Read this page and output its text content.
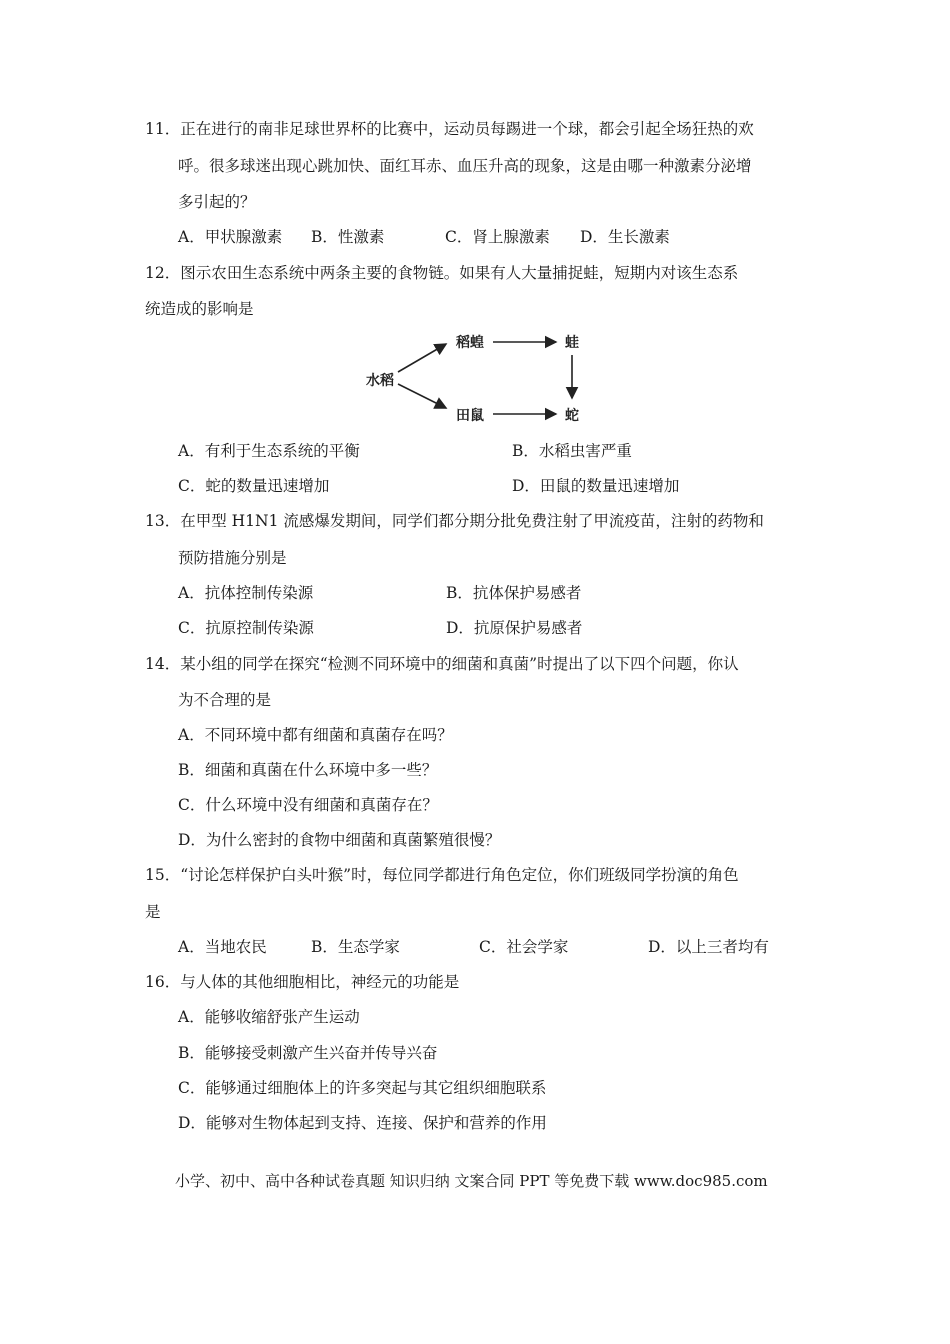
11．正在进行的南非足球世界杯的比赛中，运动员每踢进一个球，都会引起全场狂热的欢
呼。很多球迷出现心跳加快、面红耳赤、血压升高的现象，这是由哪一种激素分泌增
多引起的？
A．甲状腺激素 B．性激素	C．肾上腺激素 D．生长激素
12．图示农田生态系统中两条主要的食物链。如果有人大量捕捉蛙，短期内对该生态系
统造成的影响是
水稻
稻蝗	蛙
田鼠	蛇
A．有利于生态系统的平衡	B．水稻虫害严重
C．蛇的数量迅速增加	D．田鼠的数量迅速增加
13．在甲型 H1N1 流感爆发期间，同学们都分期分批免费注射了甲流疫苗，注射的药物和
预防措施分别是
A．抗体控制传染源	B．抗体保护易感者
C．抗原控制传染源	D．抗原保护易感者
14．某小组的同学在探究“检测不同环境中的细菌和真菌”时提出了以下四个问题，你认
为不合理的是
A．不同环境中都有细菌和真菌存在吗？
B．细菌和真菌在什么环境中多一些？
C．什么环境中没有细菌和真菌存在？
D．为什么密封的食物中细菌和真菌繁殖很慢？
15．“讨论怎样保护白头叶猴”时，每位同学都进行角色定位，你们班级同学扮演的角色
是
A．当地农民	B．生态学家	C．社会学家	D．以上三者均有
16．与人体的其他细胞相比，神经元的功能是
A．能够收缩舒张产生运动
B．能够接受刺激产生兴奋并传导兴奋
C．能够通过细胞体上的许多突起与其它组织细胞联系
D．能够对生物体起到支持、连接、保护和营养的作用
小学、初中、高中各种试卷真题 知识归纳 文案合同 PPT 等免费下载 www.doc985.com
